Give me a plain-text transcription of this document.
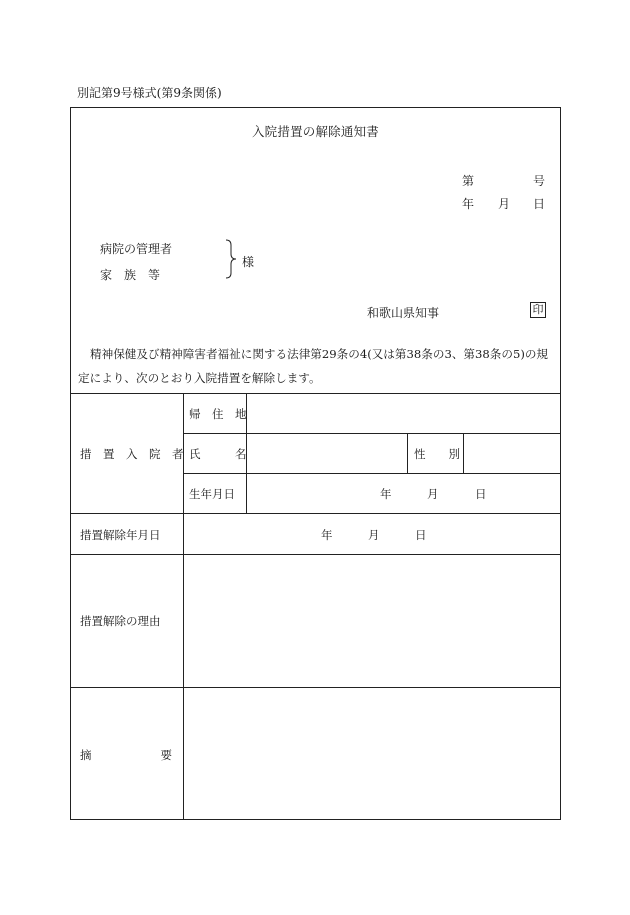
別記第9号様式(第9条関係)
入院措置の解除通知書
第	号
年 月 日
病院の管理者
家　族　等
様
和歌山県知事	印
精神保健及び精神障害者福祉に関する法律第29条の4(又は第38条の3、第38条の5)の規定により、次のとおり入院措置を解除します。
措　置　入　院　者
帰　住　地
氏　　　名	性　　別
生年月日	年	月	日
措置解除年月日	年	月	日
措置解除の理由
摘　　　　　　要
